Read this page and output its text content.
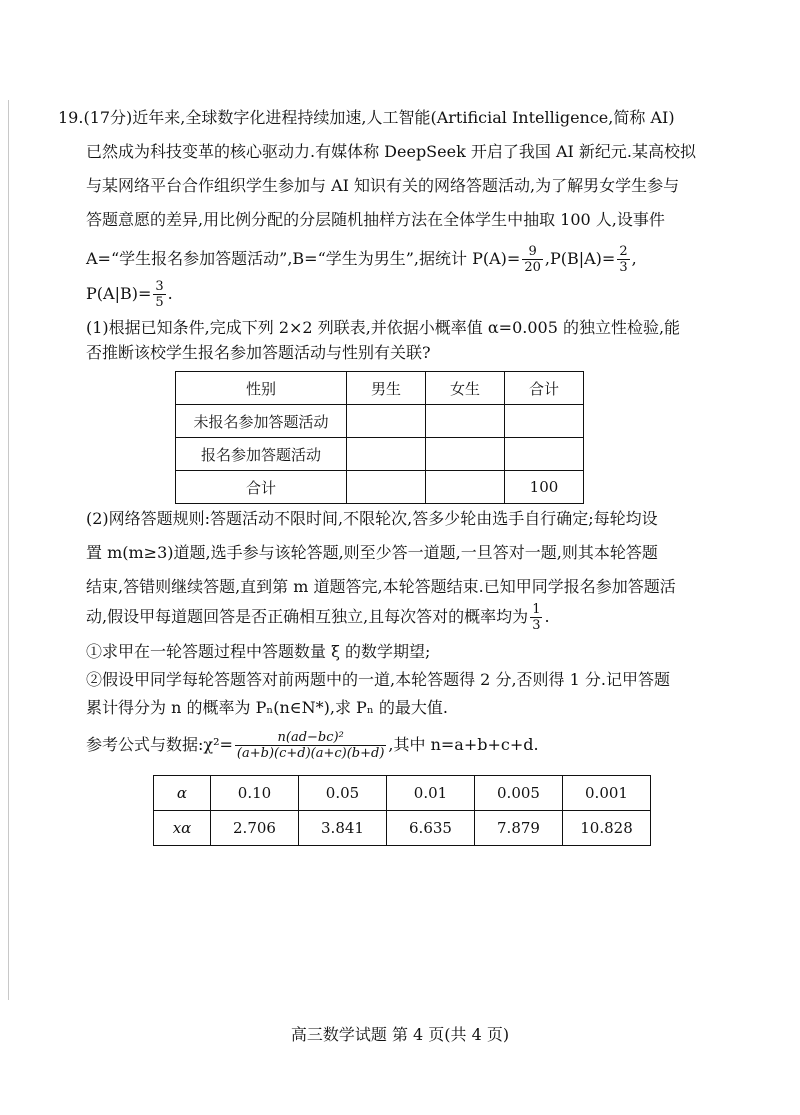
19.(17分)近年来,全球数字化进程持续加速,人工智能(Artificial Intelligence,简称 AI)
已然成为科技变革的核心驱动力.有媒体称 DeepSeek 开启了我国 AI 新纪元.某高校拟
与某网络平台合作组织学生参加与 AI 知识有关的网络答题活动,为了解男女学生参与
答题意愿的差异,用比例分配的分层随机抽样方法在全体学生中抽取 100 人,设事件
A=“学生报名参加答题活动”,B=“学生为男生”,据统计 $P(A)= \frac{9}{20} ,P(B|A)= \frac{2}{3}$ ,
$P(A|B)= \frac{3}{5}$ .
(1)根据已知条件,完成下列 2×2 列联表,并依据小概率值 α=0.005 的独立性检验,能
否推断该校学生报名参加答题活动与性别有关联?
性别	男生	女生	合计
未报名参加答题活动			
报名参加答题活动			
合计			100
(2)网络答题规则:答题活动不限时间,不限轮次,答多少轮由选手自行确定;每轮均设
置 m(m≥3)道题,选手参与该轮答题,则至少答一道题,一旦答对一题,则其本轮答题
结束,答错则继续答题,直到第 m 道题答完,本轮答题结束.已知甲同学报名参加答题活
动,假设甲每道题回答是否正确相互独立,且每次答对的概率均为 $\frac{1}{3}$ .
①求甲在一轮答题过程中答题数量 ξ 的数学期望;
②假设甲同学每轮答题答对前两题中的一道,本轮答题得 2 分,否则得 1 分.记甲答题
累计得分为 n 的概率为 Pₙ(n∈N*),求 Pₙ 的最大值.
参考公式与数据:χ²= $\frac{\text{n(ad−bc)²}}{(a+b)(c+d)(a+c)(b+d)}$ ,其中 n=a+b+c+d.
α	0.10	0.05	0.01	0.005	0.001
xα	2.706	3.841	6.635	7.879	10.828
高三数学试题 第 4 页(共 4 页)
